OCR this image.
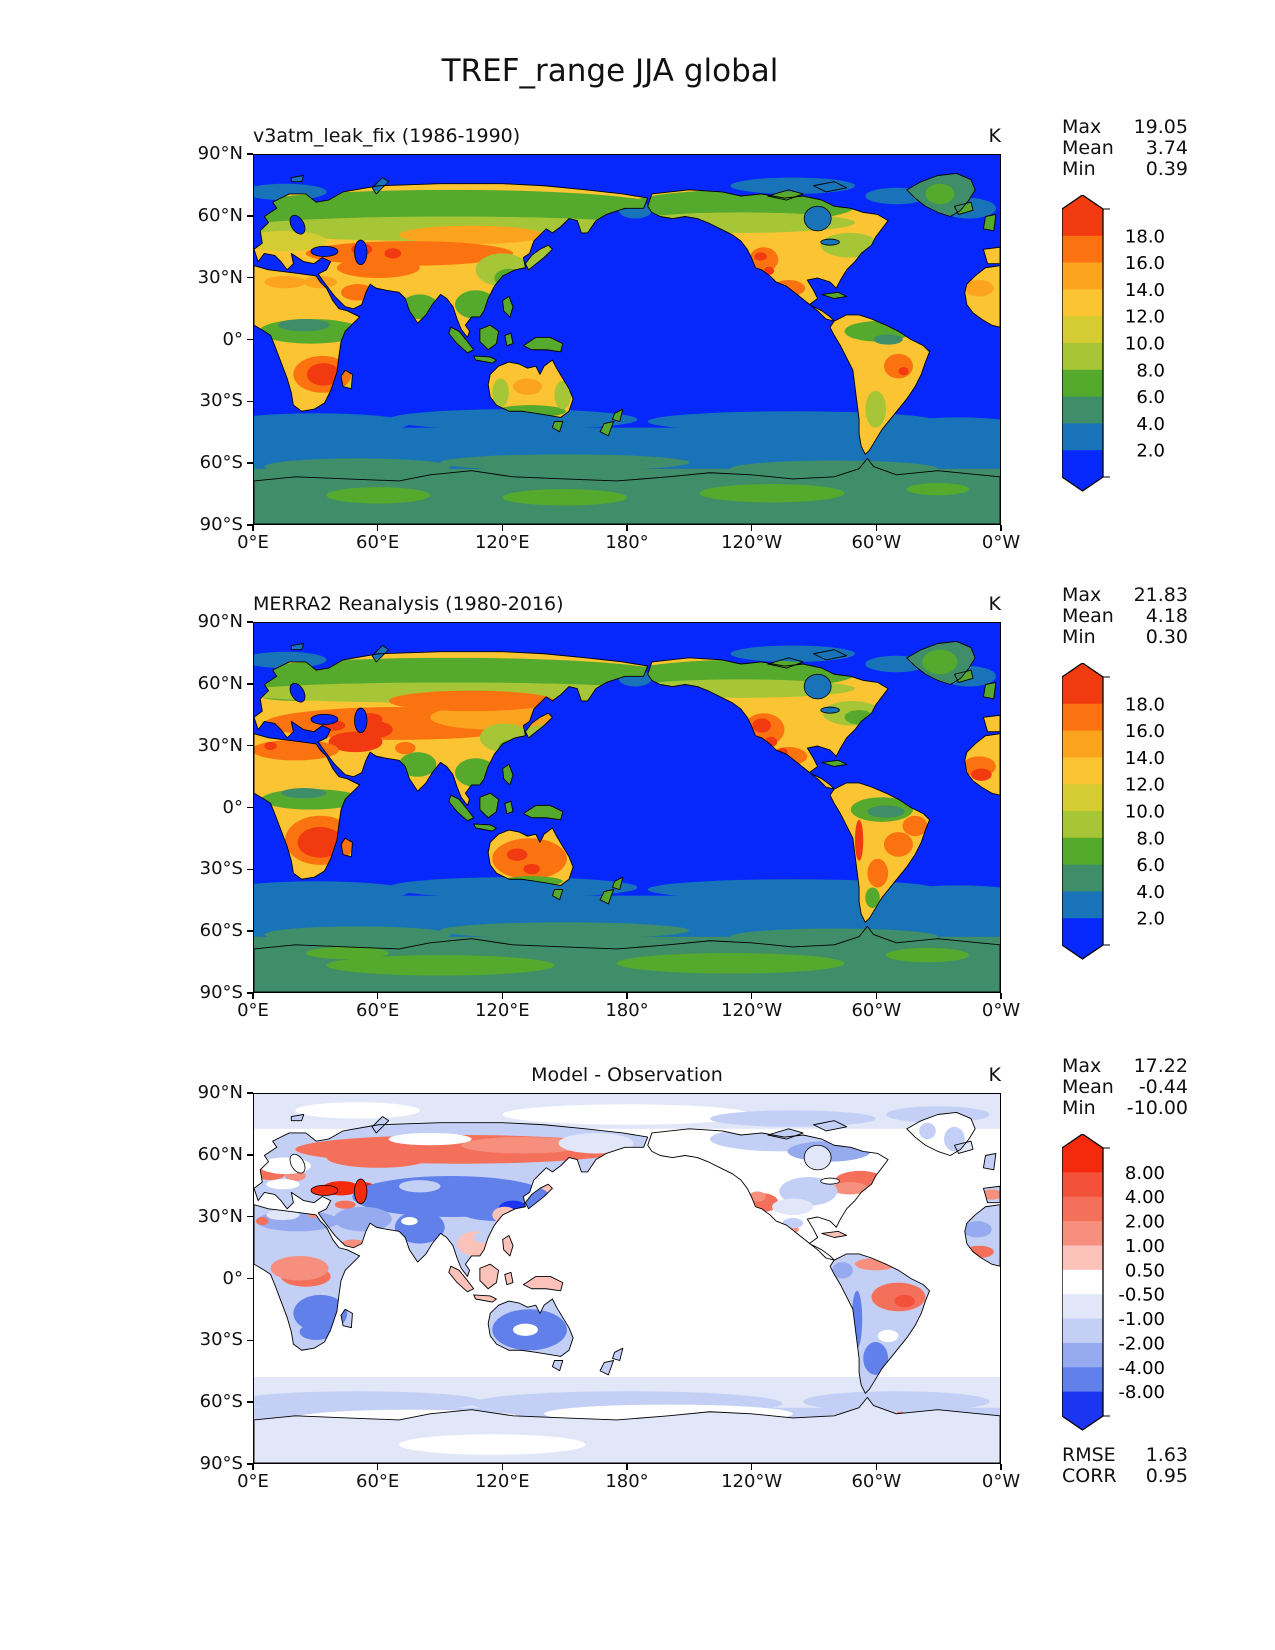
TREF_range JJA global
v3atm_leak_fix (1986-1990)	K	Max 19.05
Mean 3.74
Min	0.39
18.0
16.0
14.0
12.0
10.0
8.0
6.0
4.0
2.0
0°E	60°E	120°E	180°	120°W	60°W	0°W
90°N
60°N
30°N
0°
30°S
60°S
90°S
MERRA2 Reanalysis (1980-2016)	K	Max 21.83
Mean 4.18
Min	0.30
18.0
16.0
14.0
12.0
10.0
8.0
6.0
4.0
2.0
0°E	60°E	120°E	180°	120°W	60°W	0°W
90°N
60°N
30°N
0°
30°S
60°S
90°S
Model - Observation	K	Max 17.22
Mean -0.44
Min -10.00
8.00
4.00
2.00
1.00
0.50
-0.50
-1.00
-2.00
-4.00
-8.00
RMSE 1.63
CORR 0.95
0°E	60°E	120°E	180°	120°W	60°W	0°W
90°N
60°N
30°N
0°
30°S
60°S
90°S
